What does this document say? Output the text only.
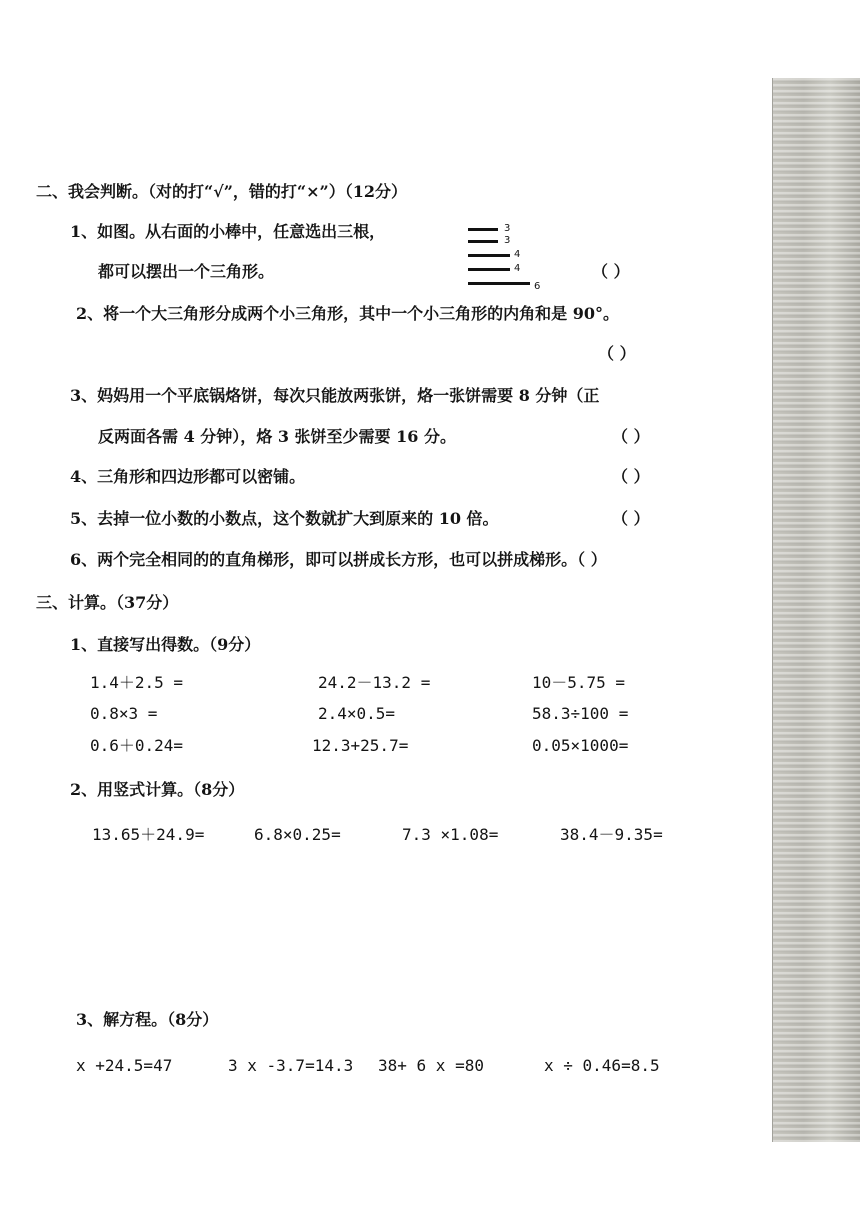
二、我会判断。（对的打“√”，错的打“×”）（12分）
1、如图。从右面的小棒中，任意选出三根，
都可以摆出一个三角形。
3
3
4
4
6
（ ）
2、将一个大三角形分成两个小三角形，其中一个小三角形的内角和是 90°。
（ ）
3、妈妈用一个平底锅烙饼，每次只能放两张饼，烙一张饼需要 8 分钟（正
反两面各需 4 分钟），烙 3 张饼至少需要 16 分。	（ ）
4、三角形和四边形都可以密铺。	（ ）
5、去掉一位小数的小数点，这个数就扩大到原来的 10 倍。	（ ）
6、两个完全相同的的直角梯形，即可以拼成长方形，也可以拼成梯形。（ ）
三、计算。（37分）
1、直接写出得数。（9分）
1.4＋2.5 =	24.2－13.2 =	10－5.75 =
0.8×3 =	2.4×0.5=	58.3÷100 =
0.6＋0.24=	12.3+25.7=	0.05×1000=
2、用竖式计算。（8分）
13.65＋24.9=	6.8×0.25=	7.3 ×1.08=	38.4－9.35=
3、解方程。（8分）
x +24.5=47	3 x -3.7=14.3 38+ 6 x =80	x ÷ 0.46=8.5
